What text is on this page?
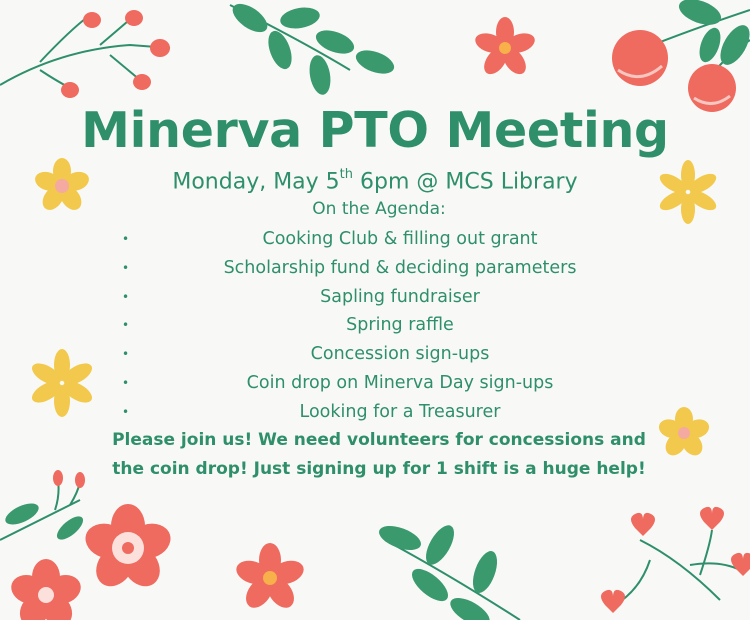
Minerva PTO Meeting
Monday, May 5th 6pm @ MCS Library
On the Agenda:
•	Cooking Club & filling out grant
•	Scholarship fund & deciding parameters
•	Sapling fundraiser
•	Spring raffle
•	Concession sign-ups
•	Coin drop on Minerva Day sign-ups
•	Looking for a Treasurer
Please join us! We need volunteers for concessions and the coin drop! Just signing up for 1 shift is a huge help!
